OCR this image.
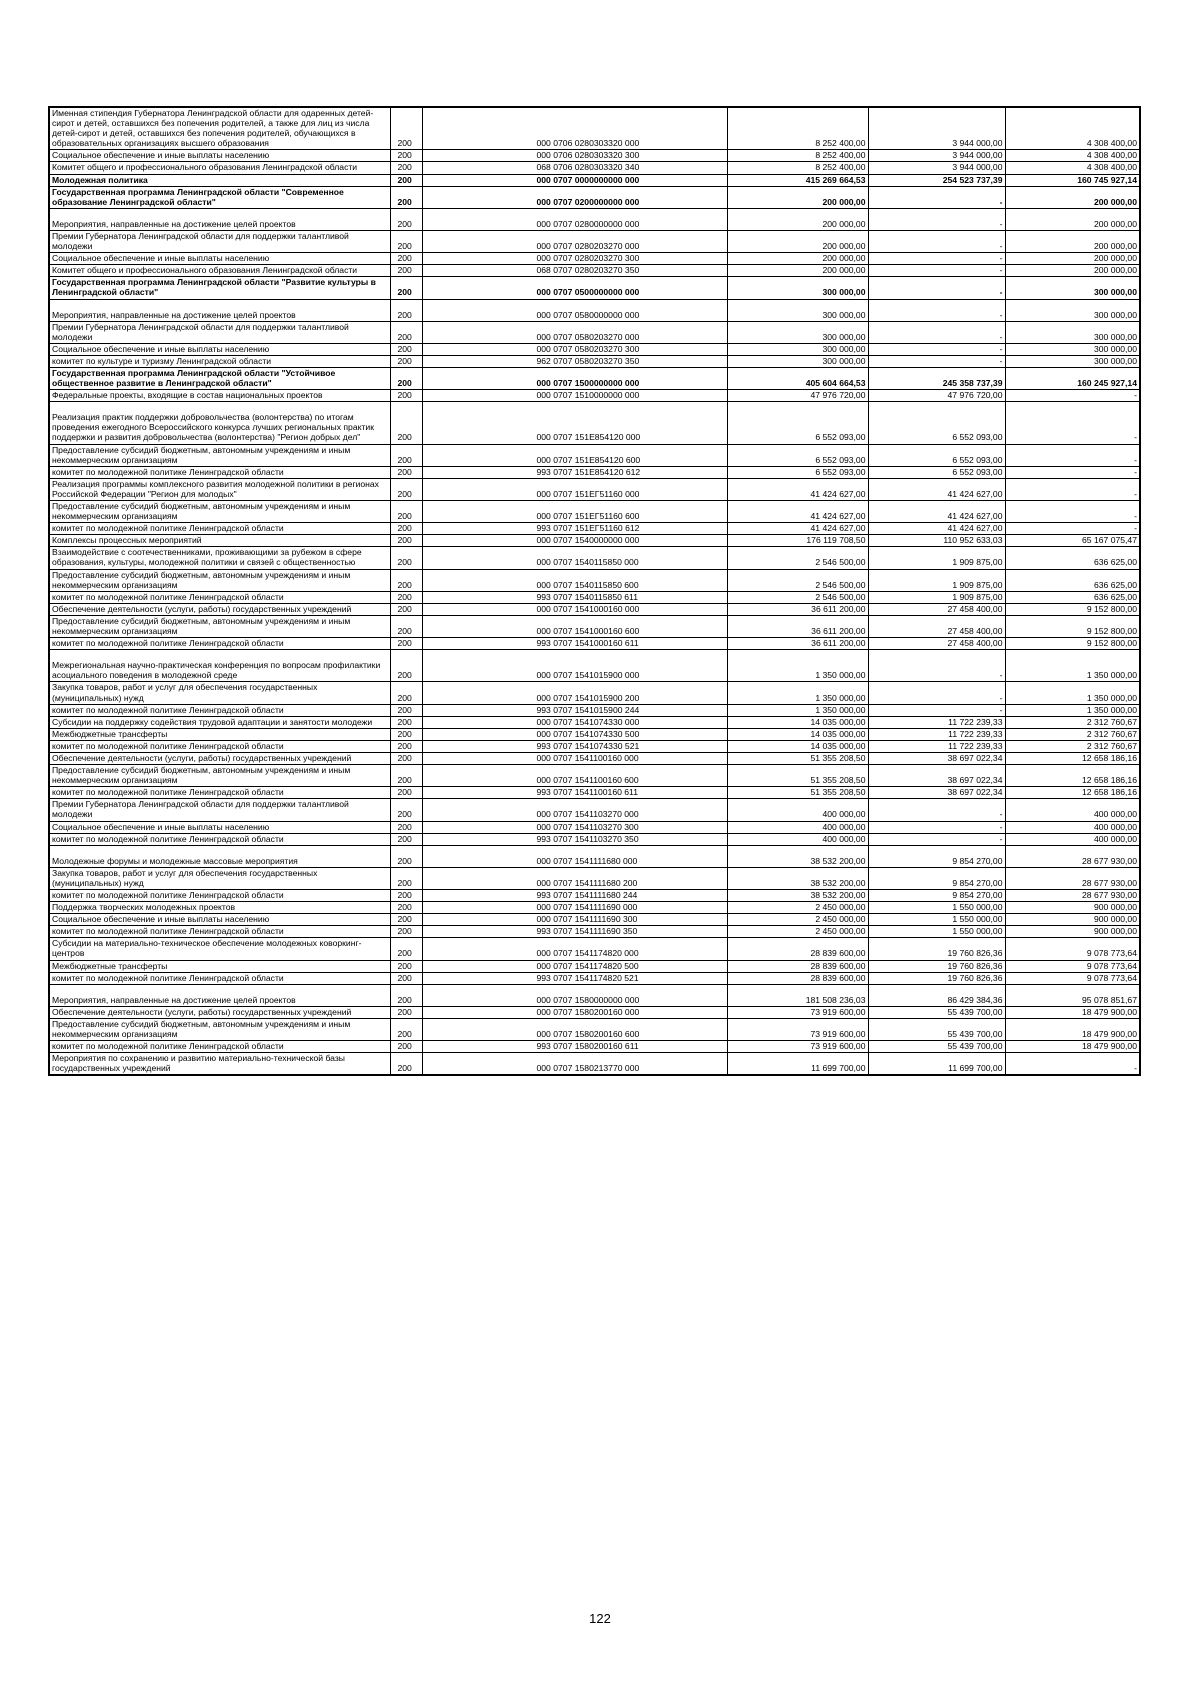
Именная стипендия Губернатора Ленинградской области для одаренных детей-сирот и детей, оставшихся без попечения родителей, а также для лиц из числа детей-сирот и детей, оставшихся без попечения родителей, обучающихся в образовательных организациях высшего образования	200	000 0706 0280303320 000	8 252 400,00	3 944 000,00	4 308 400,00
Социальное обеспечение и иные выплаты населению	200	000 0706 0280303320 300	8 252 400,00	3 944 000,00	4 308 400,00
Комитет общего и профессионального образования Ленинградской области	200	068 0706 0280303320 340	8 252 400,00	3 944 000,00	4 308 400,00
Молодежная политика	200	000 0707 0000000000 000	415 269 664,53	254 523 737,39	160 745 927,14
Государственная программа Ленинградской области "Современное образование Ленинградской области"	200	000 0707 0200000000 000	200 000,00	-	200 000,00
Мероприятия, направленные на достижение целей проектов	200	000 0707 0280000000 000	200 000,00	-	200 000,00
Премии Губернатора Ленинградской области для поддержки талантливой молодежи	200	000 0707 0280203270 000	200 000,00	-	200 000,00
Социальное обеспечение и иные выплаты населению	200	000 0707 0280203270 300	200 000,00	-	200 000,00
Комитет общего и профессионального образования Ленинградской области	200	068 0707 0280203270 350	200 000,00	-	200 000,00
Государственная программа Ленинградской области "Развитие культуры в Ленинградской области"	200	000 0707 0500000000 000	300 000,00	-	300 000,00
Мероприятия, направленные на достижение целей проектов	200	000 0707 0580000000 000	300 000,00	-	300 000,00
Премии Губернатора Ленинградской области для поддержки талантливой молодежи	200	000 0707 0580203270 000	300 000,00	-	300 000,00
Социальное обеспечение и иные выплаты населению	200	000 0707 0580203270 300	300 000,00	-	300 000,00
комитет по культуре и туризму Ленинградской области	200	962 0707 0580203270 350	300 000,00	-	300 000,00
Государственная программа Ленинградской области "Устойчивое общественное развитие в Ленинградской области"	200	000 0707 1500000000 000	405 604 664,53	245 358 737,39	160 245 927,14
Федеральные проекты, входящие в состав национальных проектов	200	000 0707 1510000000 000	47 976 720,00	47 976 720,00	-
Реализация практик поддержки добровольчества (волонтерства) по итогам проведения ежегодного Всероссийского конкурса лучших региональных практик поддержки и развития добровольчества (волонтерства) "Регион добрых дел"	200	000 0707 151E854120 000	6 552 093,00	6 552 093,00	-
Предоставление субсидий бюджетным, автономным учреждениям и иным некоммерческим организациям	200	000 0707 151E854120 600	6 552 093,00	6 552 093,00	-
комитет по молодежной политике Ленинградской области	200	993 0707 151E854120 612	6 552 093,00	6 552 093,00	-
Реализация программы комплексного развития молодежной политики в регионах Российской Федерации "Регион для молодых"	200	000 0707 151ЕГ51160 000	41 424 627,00	41 424 627,00	-
Предоставление субсидий бюджетным, автономным учреждениям и иным некоммерческим организациям	200	000 0707 151ЕГ51160 600	41 424 627,00	41 424 627,00	-
комитет по молодежной политике Ленинградской области	200	993 0707 151ЕГ51160 612	41 424 627,00	41 424 627,00	-
Комплексы процессных мероприятий	200	000 0707 1540000000 000	176 119 708,50	110 952 633,03	65 167 075,47
Взаимодействие с соотечественниками, проживающими за рубежом в сфере образования, культуры, молодежной политики и связей с общественностью	200	000 0707 1540115850 000	2 546 500,00	1 909 875,00	636 625,00
Предоставление субсидий бюджетным, автономным учреждениям и иным некоммерческим организациям	200	000 0707 1540115850 600	2 546 500,00	1 909 875,00	636 625,00
комитет по молодежной политике Ленинградской области	200	993 0707 1540115850 611	2 546 500,00	1 909 875,00	636 625,00
Обеспечение деятельности (услуги, работы) государственных учреждений	200	000 0707 1541000160 000	36 611 200,00	27 458 400,00	9 152 800,00
Предоставление субсидий бюджетным, автономным учреждениям и иным некоммерческим организациям	200	000 0707 1541000160 600	36 611 200,00	27 458 400,00	9 152 800,00
комитет по молодежной политике Ленинградской области	200	993 0707 1541000160 611	36 611 200,00	27 458 400,00	9 152 800,00
Межрегиональная научно-практическая конференция по вопросам профилактики асоциального поведения в молодежной среде	200	000 0707 1541015900 000	1 350 000,00	-	1 350 000,00
Закупка товаров, работ и услуг для обеспечения государственных (муниципальных) нужд	200	000 0707 1541015900 200	1 350 000,00	-	1 350 000,00
комитет по молодежной политике Ленинградской области	200	993 0707 1541015900 244	1 350 000,00	-	1 350 000,00
Субсидии на поддержку содействия трудовой адаптации и занятости молодежи	200	000 0707 1541074330 000	14 035 000,00	11 722 239,33	2 312 760,67
Межбюджетные трансферты	200	000 0707 1541074330 500	14 035 000,00	11 722 239,33	2 312 760,67
комитет по молодежной политике Ленинградской области	200	993 0707 1541074330 521	14 035 000,00	11 722 239,33	2 312 760,67
Обеспечение деятельности (услуги, работы) государственных учреждений	200	000 0707 1541100160 000	51 355 208,50	38 697 022,34	12 658 186,16
Предоставление субсидий бюджетным, автономным учреждениям и иным некоммерческим организациям	200	000 0707 1541100160 600	51 355 208,50	38 697 022,34	12 658 186,16
комитет по молодежной политике Ленинградской области	200	993 0707 1541100160 611	51 355 208,50	38 697 022,34	12 658 186,16
Премии Губернатора Ленинградской области для поддержки талантливой молодежи	200	000 0707 1541103270 000	400 000,00	-	400 000,00
Социальное обеспечение и иные выплаты населению	200	000 0707 1541103270 300	400 000,00	-	400 000,00
комитет по молодежной политике Ленинградской области	200	993 0707 1541103270 350	400 000,00	-	400 000,00
Молодежные форумы и молодежные массовые мероприятия	200	000 0707 1541111680 000	38 532 200,00	9 854 270,00	28 677 930,00
Закупка товаров, работ и услуг для обеспечения государственных (муниципальных) нужд	200	000 0707 1541111680 200	38 532 200,00	9 854 270,00	28 677 930,00
комитет по молодежной политике Ленинградской области	200	993 0707 1541111680 244	38 532 200,00	9 854 270,00	28 677 930,00
Поддержка творческих молодежных проектов	200	000 0707 1541111690 000	2 450 000,00	1 550 000,00	900 000,00
Социальное обеспечение и иные выплаты населению	200	000 0707 1541111690 300	2 450 000,00	1 550 000,00	900 000,00
комитет по молодежной политике Ленинградской области	200	993 0707 1541111690 350	2 450 000,00	1 550 000,00	900 000,00
Субсидии на материально-техническое обеспечение молодежных коворкинг-центров	200	000 0707 1541174820 000	28 839 600,00	19 760 826,36	9 078 773,64
Межбюджетные трансферты	200	000 0707 1541174820 500	28 839 600,00	19 760 826,36	9 078 773,64
комитет по молодежной политике Ленинградской области	200	993 0707 1541174820 521	28 839 600,00	19 760 826,36	9 078 773,64
Мероприятия, направленные на достижение целей проектов	200	000 0707 1580000000 000	181 508 236,03	86 429 384,36	95 078 851,67
Обеспечение деятельности (услуги, работы) государственных учреждений	200	000 0707 1580200160 000	73 919 600,00	55 439 700,00	18 479 900,00
Предоставление субсидий бюджетным, автономным учреждениям и иным некоммерческим организациям	200	000 0707 1580200160 600	73 919 600,00	55 439 700,00	18 479 900,00
комитет по молодежной политике Ленинградской области	200	993 0707 1580200160 611	73 919 600,00	55 439 700,00	18 479 900,00
Мероприятия по сохранению и развитию материально-технической базы государственных учреждений	200	000 0707 1580213770 000	11 699 700,00	11 699 700,00	-
122
